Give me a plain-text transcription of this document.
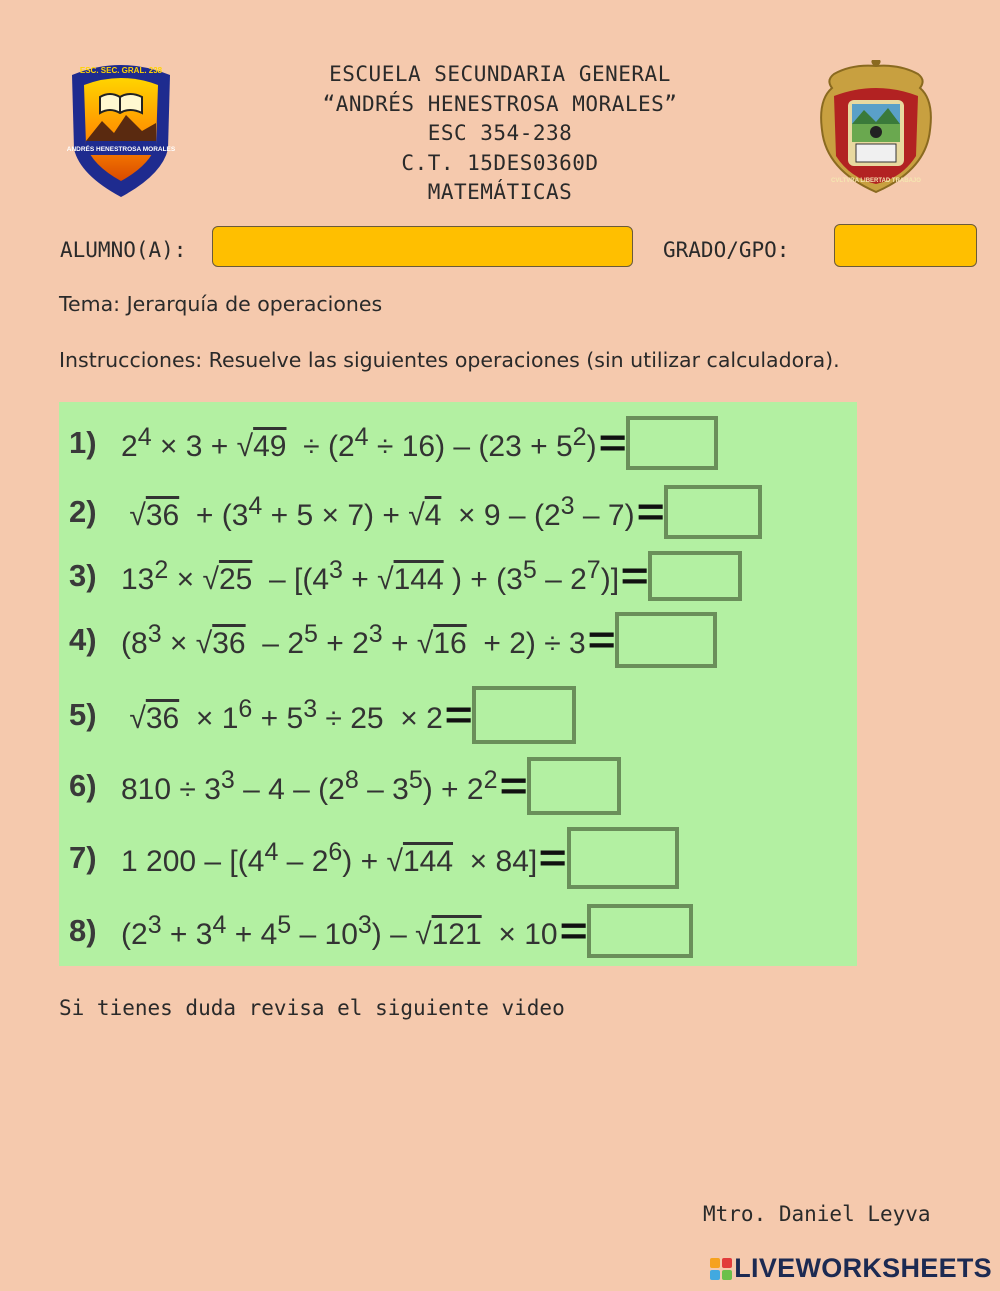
ANDRÉS HENESTROSA MORALES
ESC. SEC. GRAL. 238	ESCUELA SECUNDARIA GENERAL
“ANDRÉS HENESTROSA MORALES”
ESC 354-238
C.T. 15DES0360D
MATEMÁTICAS	CVLTVRA LIBERTAD TRABAJO
ALUMNO(A):	GRADO/GPO:
Tema: Jerarquía de operaciones
Instrucciones: Resuelve las siguientes operaciones (sin utilizar calculadora).
1) $2^4 \times 3 + √49 \div (2^4 \div 16) - (23 + 5^2)$ =
2) $√36 + (3^4 + 5 \times 7) + √4 \times 9 - (2^3 - 7)$ =
3) $13^2 \times √25 - [(4^3 + √144$ ) + $(3^5 - 2^7)$] =
4) $(8^3 \times √36 - 2^5 + 2^3 + √16 + 2) \div 3$ =
5) $√36 \times 1^6 + 5^3 \div 25 \times 2$ =
6) $810 \div 3^3 - 4 - (2^8 - 3^5) + 2^2$ =
7) 1 $200 - [(4^4 - 2^6) + √144 \times 84]$ =
8) $(2^3 + 3^4 + 4^5 - 10^3) - √121 \times 10$ =
Si tienes duda revisa el siguiente video
Mtro. Daniel Leyva
LIVEWORKSHEETS
